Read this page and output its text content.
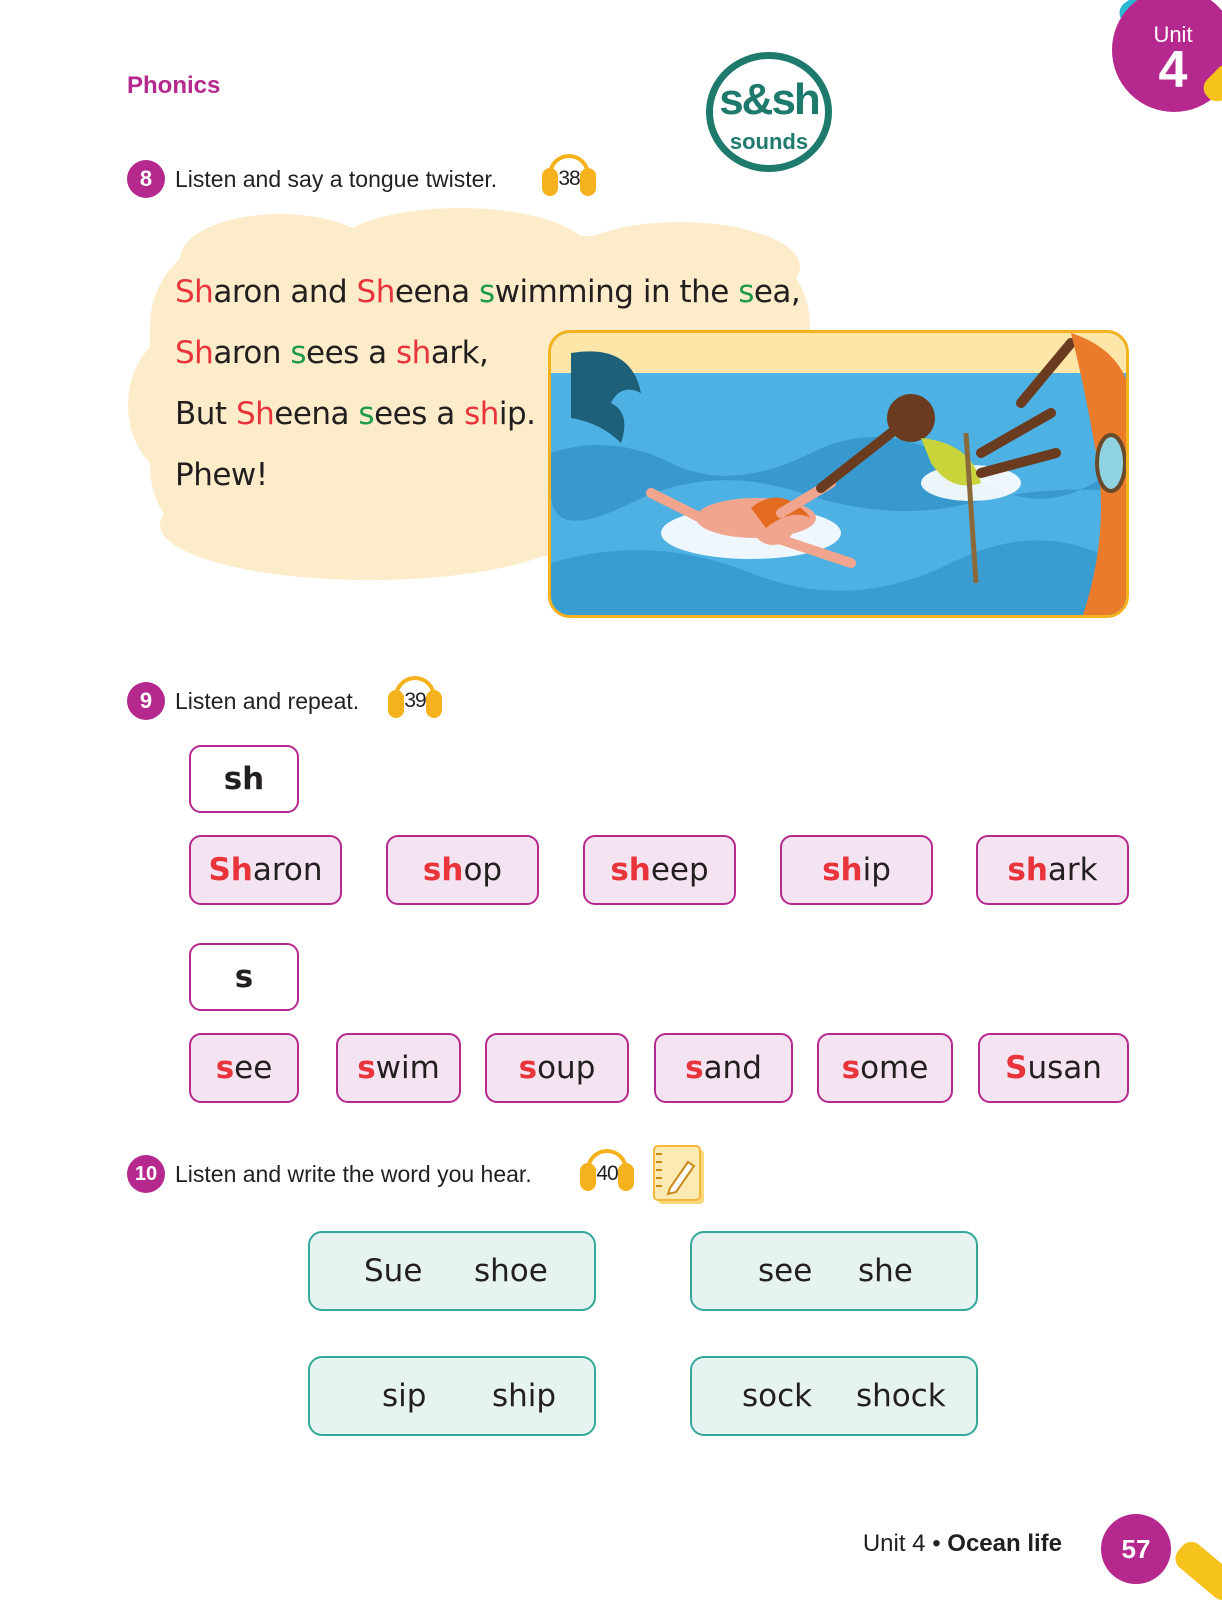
Unit
4
Phonics	s&sh
sounds
8 Listen and say a tongue twister.	38
Sharon and Sheena swimming in the sea,
Sharon sees a shark,
But Sheena sees a ship.
Phew!
9 Listen and repeat.	39
sh
Sharon	shop	sheep	ship	shark
s
see	swim	soup	sand	some	Susan
10 Listen and write the word you hear.	40
Sue shoe	see she
sip ship	sock shock
Unit 4 • Ocean life	57
